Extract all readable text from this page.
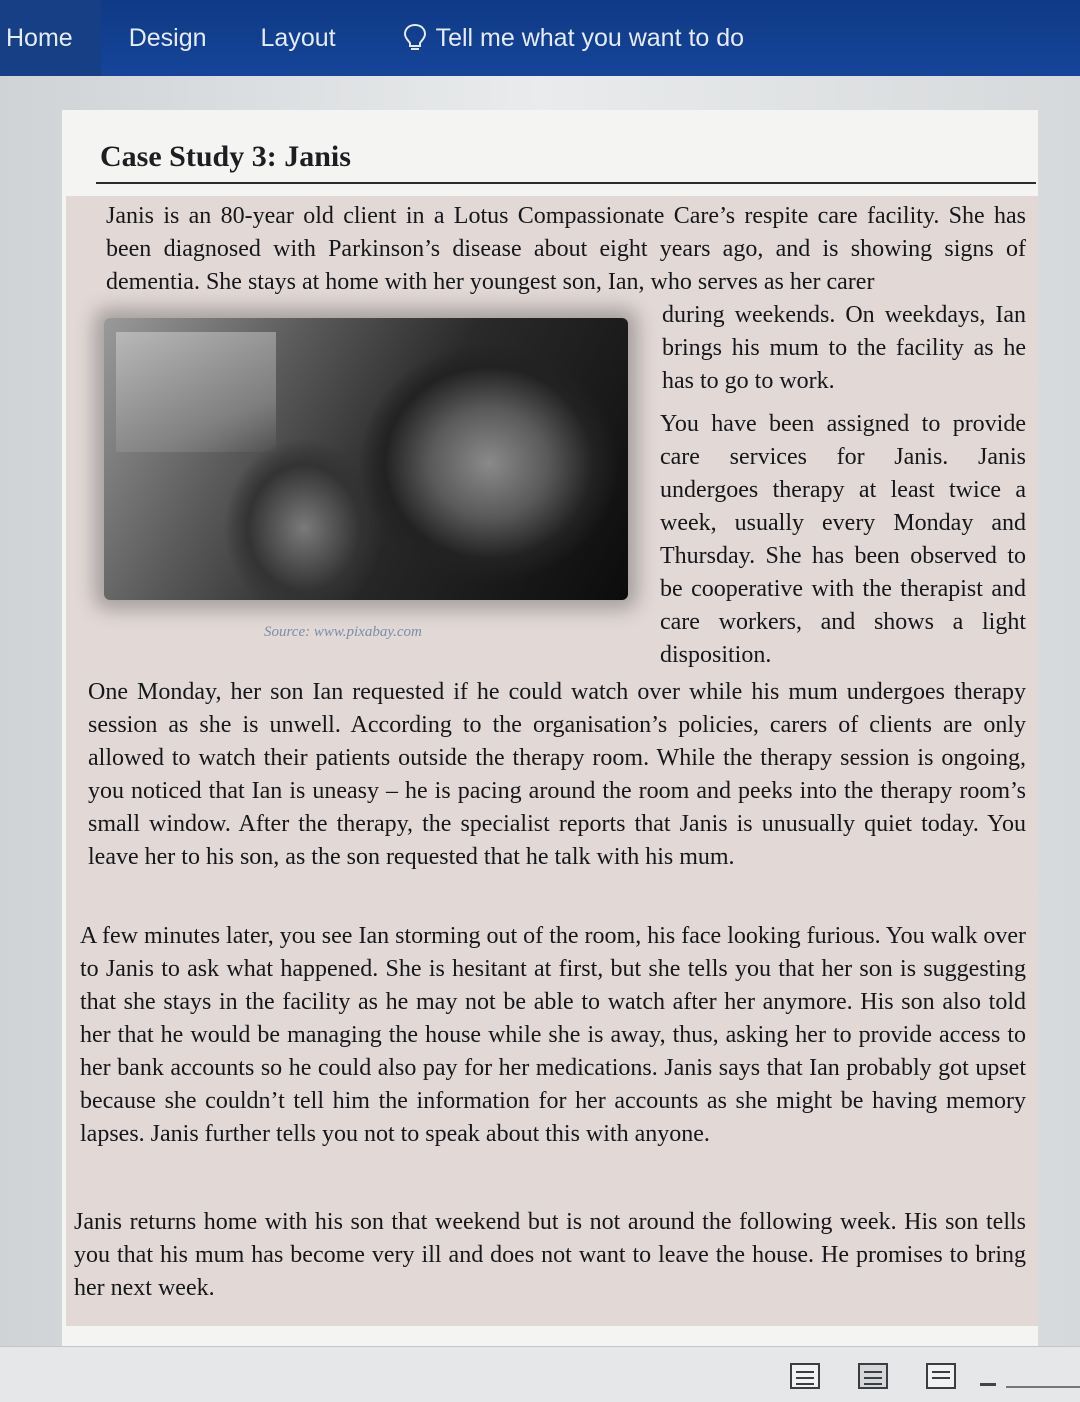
Home	Design	Layout	Tell me what you want to do
Case Study 3: Janis
Janis is an 80-year old client in a Lotus Compassionate Care’s respite care facility. She has been diagnosed with Parkinson’s disease about eight years ago, and is showing signs of dementia. She stays at home with her youngest son, Ian, who serves as her carer
during weekends. On weekdays, Ian brings his mum to the facility as he has to go to work.
You have been assigned to provide care services for Janis. Janis undergoes therapy at least twice a week, usually every Monday and Thursday. She has been observed to be cooperative with the therapist and care workers, and shows a light disposition.
Source: www.pixabay.com
One Monday, her son Ian requested if he could watch over while his mum undergoes therapy session as she is unwell. According to the organisation’s policies, carers of clients are only allowed to watch their patients outside the therapy room. While the therapy session is ongoing, you noticed that Ian is uneasy – he is pacing around the room and peeks into the therapy room’s small window. After the therapy, the specialist reports that Janis is unusually quiet today. You leave her to his son, as the son requested that he talk with his mum.
A few minutes later, you see Ian storming out of the room, his face looking furious. You walk over to Janis to ask what happened. She is hesitant at first, but she tells you that her son is suggesting that she stays in the facility as he may not be able to watch after her anymore. His son also told her that he would be managing the house while she is away, thus, asking her to provide access to her bank accounts so he could also pay for her medications. Janis says that Ian probably got upset because she couldn’t tell him the information for her accounts as she might be having memory lapses. Janis further tells you not to speak about this with anyone.
Janis returns home with his son that weekend but is not around the following week. His son tells you that his mum has become very ill and does not want to leave the house. He promises to bring her next week.
